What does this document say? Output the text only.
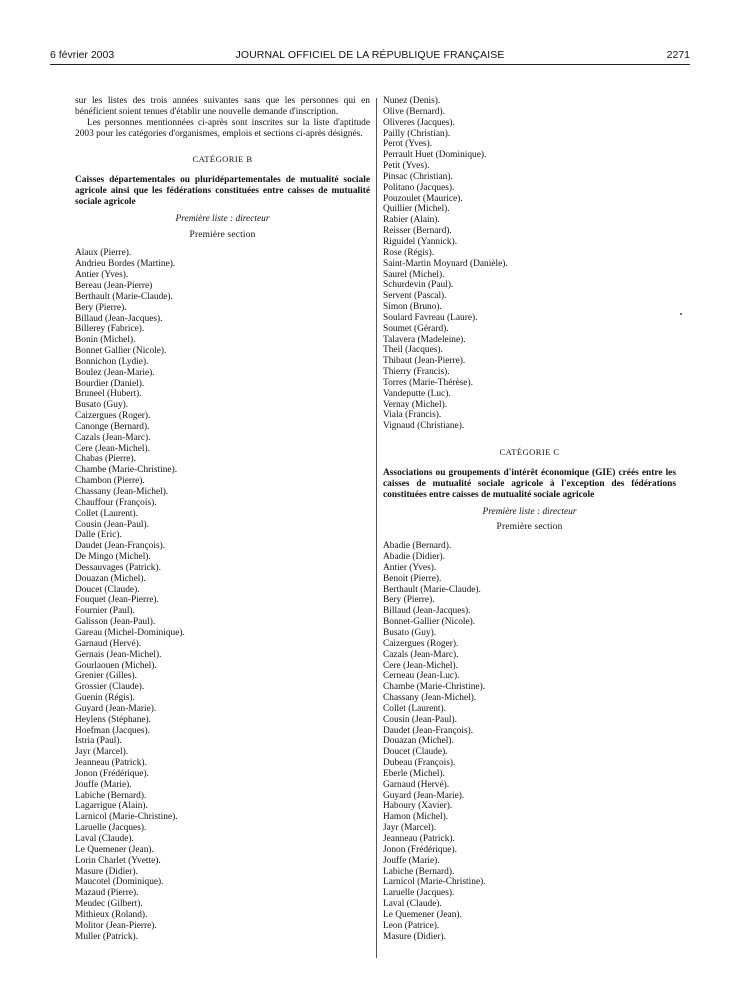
6 février 2003	JOURNAL OFFICIEL DE LA RÉPUBLIQUE FRANÇAISE	2271

sur les listes des trois années suivantes sans que les personnes qui en bénéficient soient tenues d'établir une nouvelle demande d'inscription.

Les personnes mentionnées ci-après sont inscrites sur la liste d'aptitude 2003 pour les catégories d'organismes, emplois et sections ci-après désignés.

CATÉGORIE B

Caisses départementales ou pluridépartementales de mutualité sociale agricole ainsi que les fédérations constituées entre caisses de mutualité sociale agricole

Première liste : directeur
Première section
Alaux (Pierre).
Andrieu Bordes (Martine).
Antier (Yves).
Bereau (Jean-Pierre)
Berthault (Marie-Claude).
Bery (Pierre).
Billaud (Jean-Jacques).
Billerey (Fabrice).
Bonin (Michel).
Bonnet Gallier (Nicole).
Bonnichon (Lydie).
Boulez (Jean-Marie).
Bourdier (Daniel).
Bruneel (Hubert).
Busato (Guy).
Caizergues (Roger).
Canonge (Bernard).
Cazals (Jean-Marc).
Cere (Jean-Michel).
Chabas (Pierre).
Chambe (Marie-Christine).
Chambon (Pierre).
Chassany (Jean-Michel).
Chauffour (François).
Collet (Laurent).
Cousin (Jean-Paul).
Dalle (Eric).
Daudet (Jean-François).
De Mingo (Michel).
Dessauvages (Patrick).
Douazan (Michel).
Doucet (Claude).
Fouquet (Jean-Pierre).
Fournier (Paul).
Galisson (Jean-Paul).
Gareau (Michel-Dominique).
Garnaud (Hervé).
Gernais (Jean-Michel).
Gourlaouen (Michel).
Grenier (Gilles).
Grossier (Claude).
Guenin (Régis).
Guyard (Jean-Marie).
Heylens (Stéphane).
Hoefman (Jacques).
Istria (Paul).
Jayr (Marcel).
Jeanneau (Patrick).
Jonon (Frédérique).
Jouffe (Marie).
Labiche (Bernard).
Lagarrigue (Alain).
Larnicol (Marie-Christine).
Laruelle (Jacques).
Laval (Claude).
Le Quemener (Jean).
Lorin Charlet (Yvette).
Masure (Didier).
Maucotel (Dominique).
Mazaud (Pierre).
Meudec (Gilbert).
Mithieux (Roland).
Molitor (Jean-Pierre).
Muller (Patrick).
Nunez (Denis).
Olive (Bernard).
Oliveres (Jacques).
Pailly (Christian).
Perot (Yves).
Perrault Huet (Dominique).
Petit (Yves).
Pinsac (Christian).
Politano (Jacques).
Pouzoulet (Maurice).
Quillier (Michel).
Rabier (Alain).
Reisser (Bernard).
Riguidel (Yannick).
Rose (Régis).
Saint-Martin Moynard (Danièle).
Saurel (Michel).
Schurdevin (Paul).
Servent (Pascal).
Simon (Bruno).
Soulard Favreau (Laure).
Soumet (Gérard).
Talavera (Madeleine).
Theil (Jacques).
Thibaut (Jean-Pierre).
Thierry (Francis).
Torres (Marie-Thérèse).
Vandeputte (Luc).
Vernay (Michel).
Viala (Francis).
Vignaud (Christiane).
CATÉGORIE C

Associations ou groupements d'intérêt économique (GIE) créés entre les caisses de mutualité sociale agricole à l'exception des fédérations constituées entre caisses de mutualité sociale agricole

Première liste : directeur
Première section
Abadie (Bernard).
Abadie (Didier).
Antier (Yves).
Benoit (Pierre).
Berthault (Marie-Claude).
Bery (Pierre).
Billaud (Jean-Jacques).
Bonnet-Gallier (Nicole).
Busato (Guy).
Caizergues (Roger).
Cazals (Jean-Marc).
Cere (Jean-Michel).
Cerneau (Jean-Luc).
Chambe (Marie-Christine).
Chassany (Jean-Michel).
Collet (Laurent).
Cousin (Jean-Paul).
Daudet (Jean-François).
Douazan (Michel).
Doucet (Claude).
Dubeau (François).
Eberle (Michel).
Garnaud (Hervé).
Guyard (Jean-Marie).
Haboury (Xavier).
Hamon (Michel).
Jayr (Marcel).
Jeanneau (Patrick).
Jonon (Frédérique).
Jouffe (Marie).
Labiche (Bernard).
Larnicol (Marie-Christine).
Laruelle (Jacques).
Laval (Claude).
Le Quemener (Jean).
Leon (Patrice).
Masure (Didier).
